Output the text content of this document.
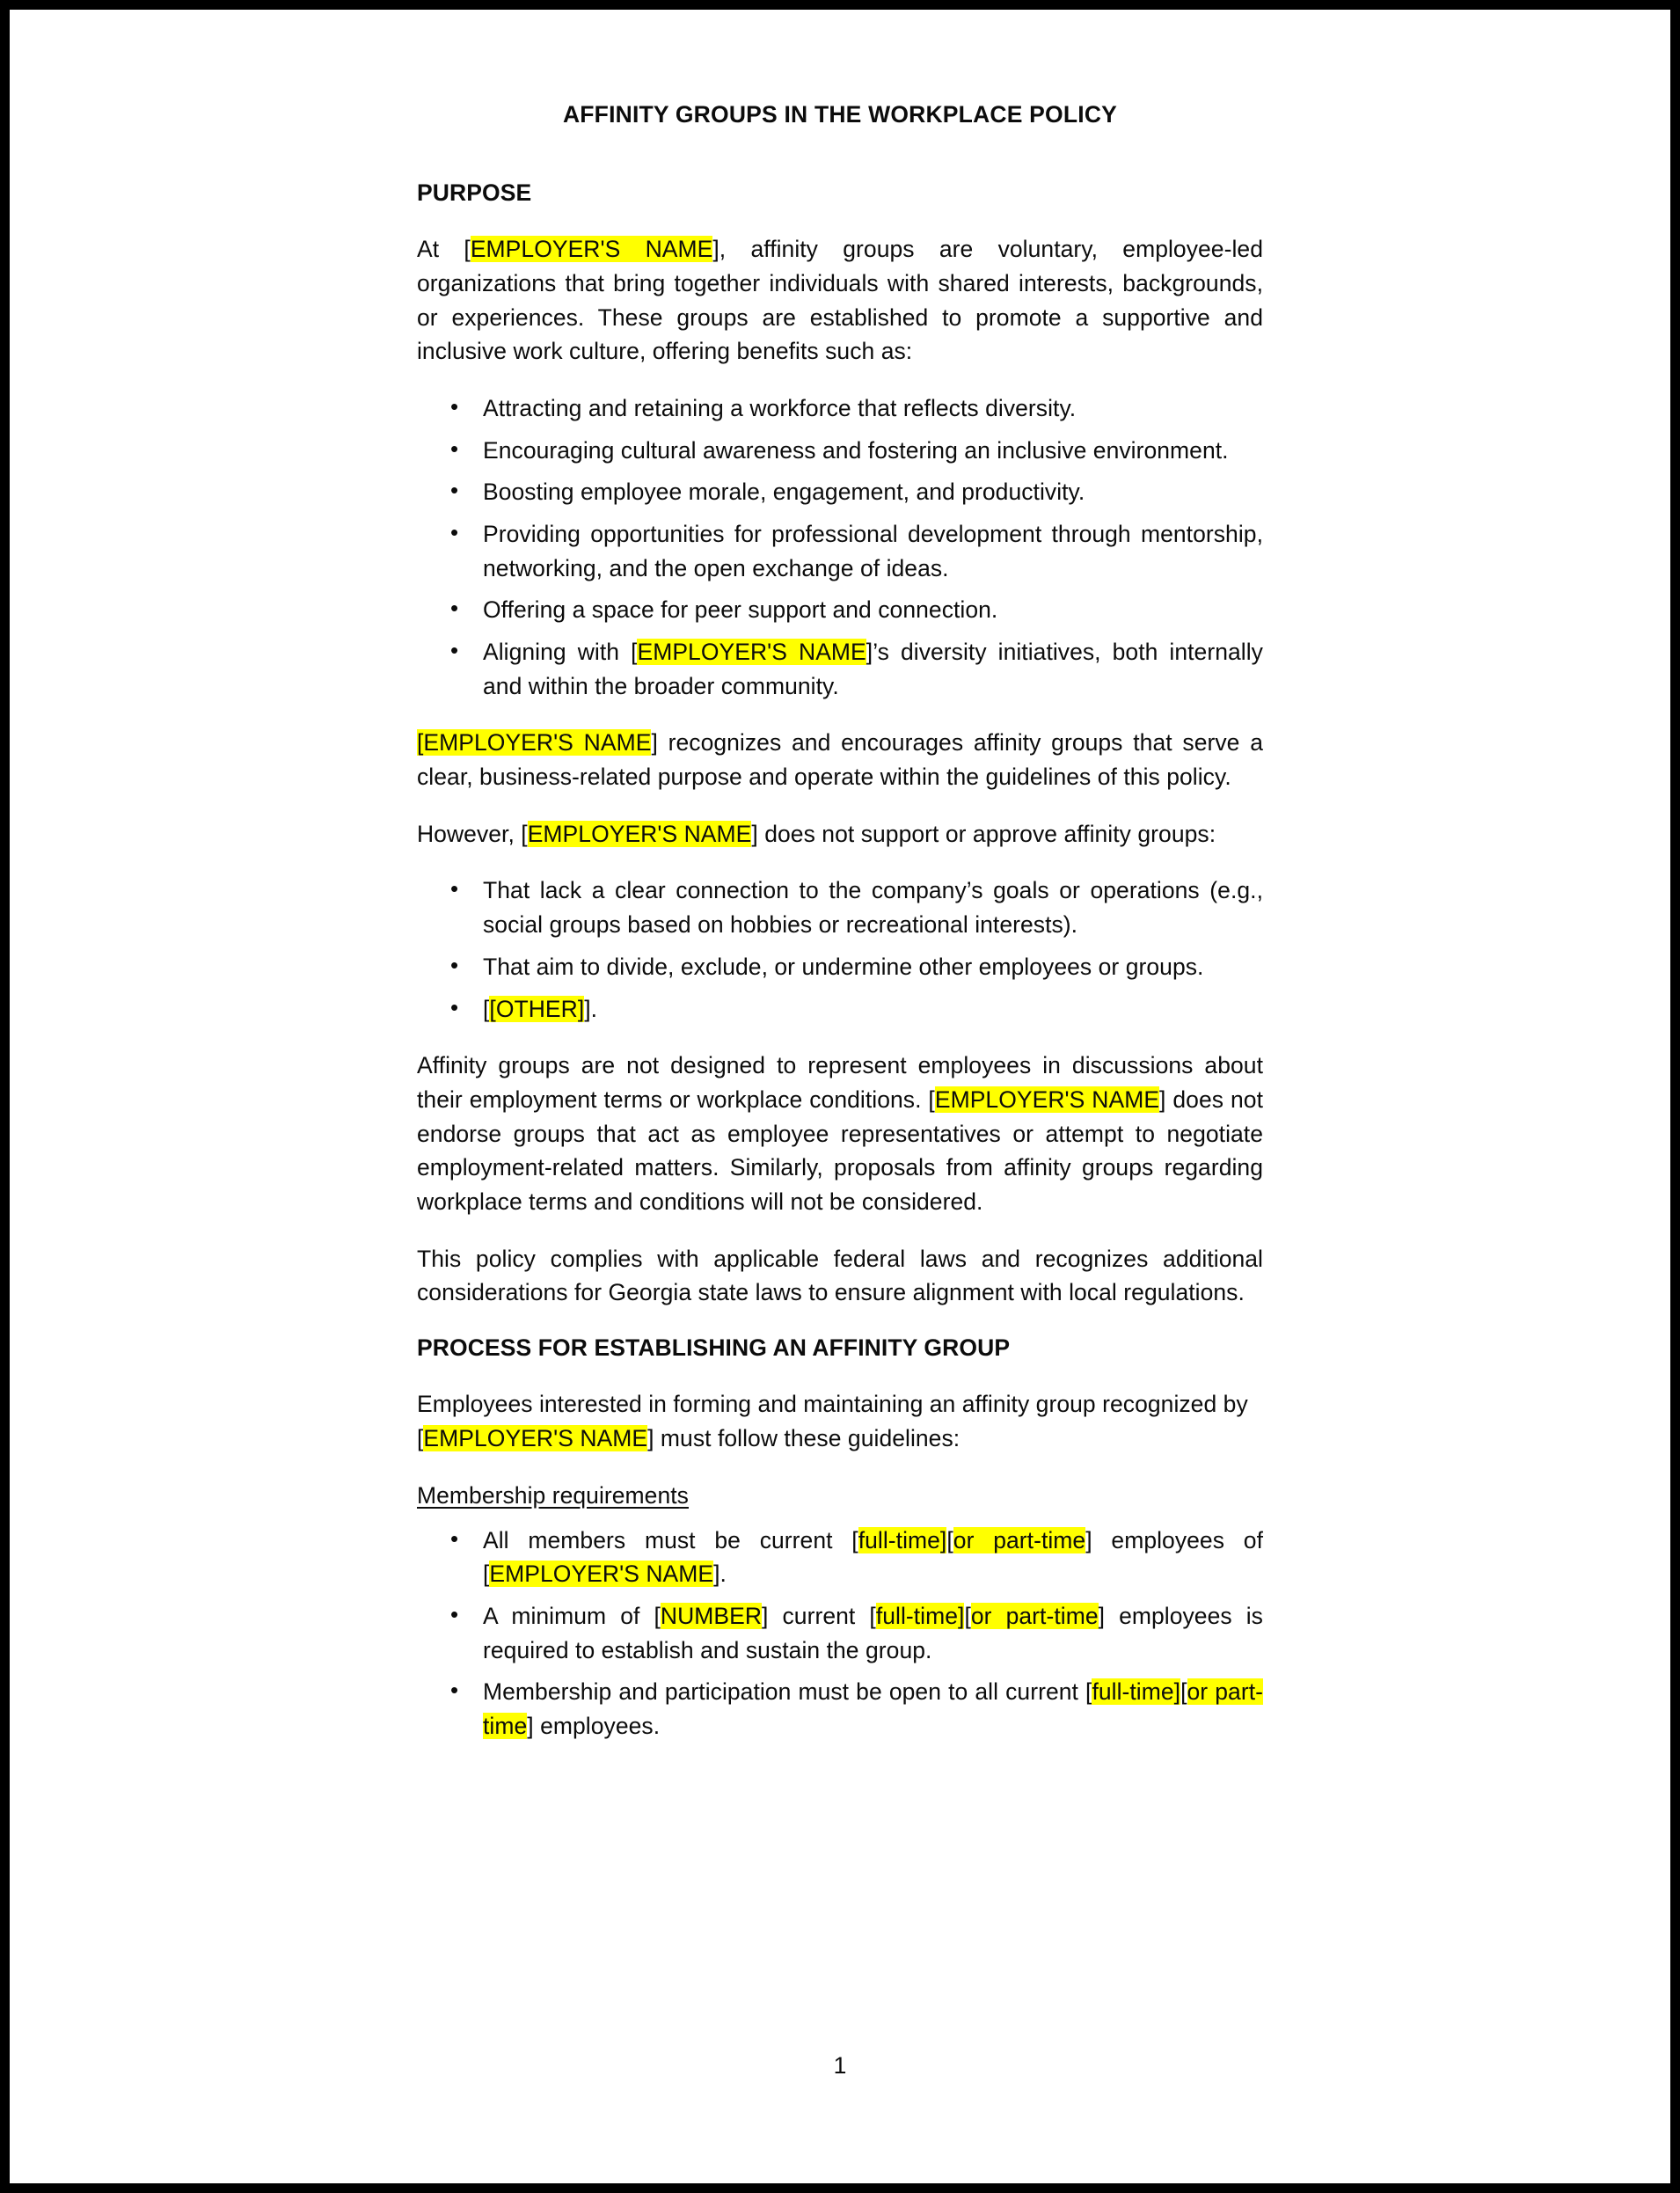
AFFINITY GROUPS IN THE WORKPLACE POLICY
PURPOSE

At [EMPLOYER'S NAME], affinity groups are voluntary, employee-led organizations that bring together individuals with shared interests, backgrounds, or experiences. These groups are established to promote a supportive and inclusive work culture, offering benefits such as:

• Attracting and retaining a workforce that reflects diversity.
• Encouraging cultural awareness and fostering an inclusive environment.
• Boosting employee morale, engagement, and productivity.
• Providing opportunities for professional development through mentorship, networking, and the open exchange of ideas.
• Offering a space for peer support and connection.
• Aligning with [EMPLOYER'S NAME]’s diversity initiatives, both internally and within the broader community.

[EMPLOYER'S NAME] recognizes and encourages affinity groups that serve a clear, business-related purpose and operate within the guidelines of this policy.

However, [EMPLOYER'S NAME] does not support or approve affinity groups:

• That lack a clear connection to the company’s goals or operations (e.g., social groups based on hobbies or recreational interests).
• That aim to divide, exclude, or undermine other employees or groups.
• [[OTHER]].

Affinity groups are not designed to represent employees in discussions about their employment terms or workplace conditions. [EMPLOYER'S NAME] does not endorse groups that act as employee representatives or attempt to negotiate employment-related matters. Similarly, proposals from affinity groups regarding workplace terms and conditions will not be considered.

This policy complies with applicable federal laws and recognizes additional considerations for Georgia state laws to ensure alignment with local regulations.

PROCESS FOR ESTABLISHING AN AFFINITY GROUP

Employees interested in forming and maintaining an affinity group recognized by [EMPLOYER'S NAME] must follow these guidelines:

Membership requirements
• All members must be current [full-time][or part-time] employees of [EMPLOYER'S NAME].
• A minimum of [NUMBER] current [full-time][or part-time] employees is required to establish and sustain the group.
• Membership and participation must be open to all current [full-time][or part-time] employees.
1
